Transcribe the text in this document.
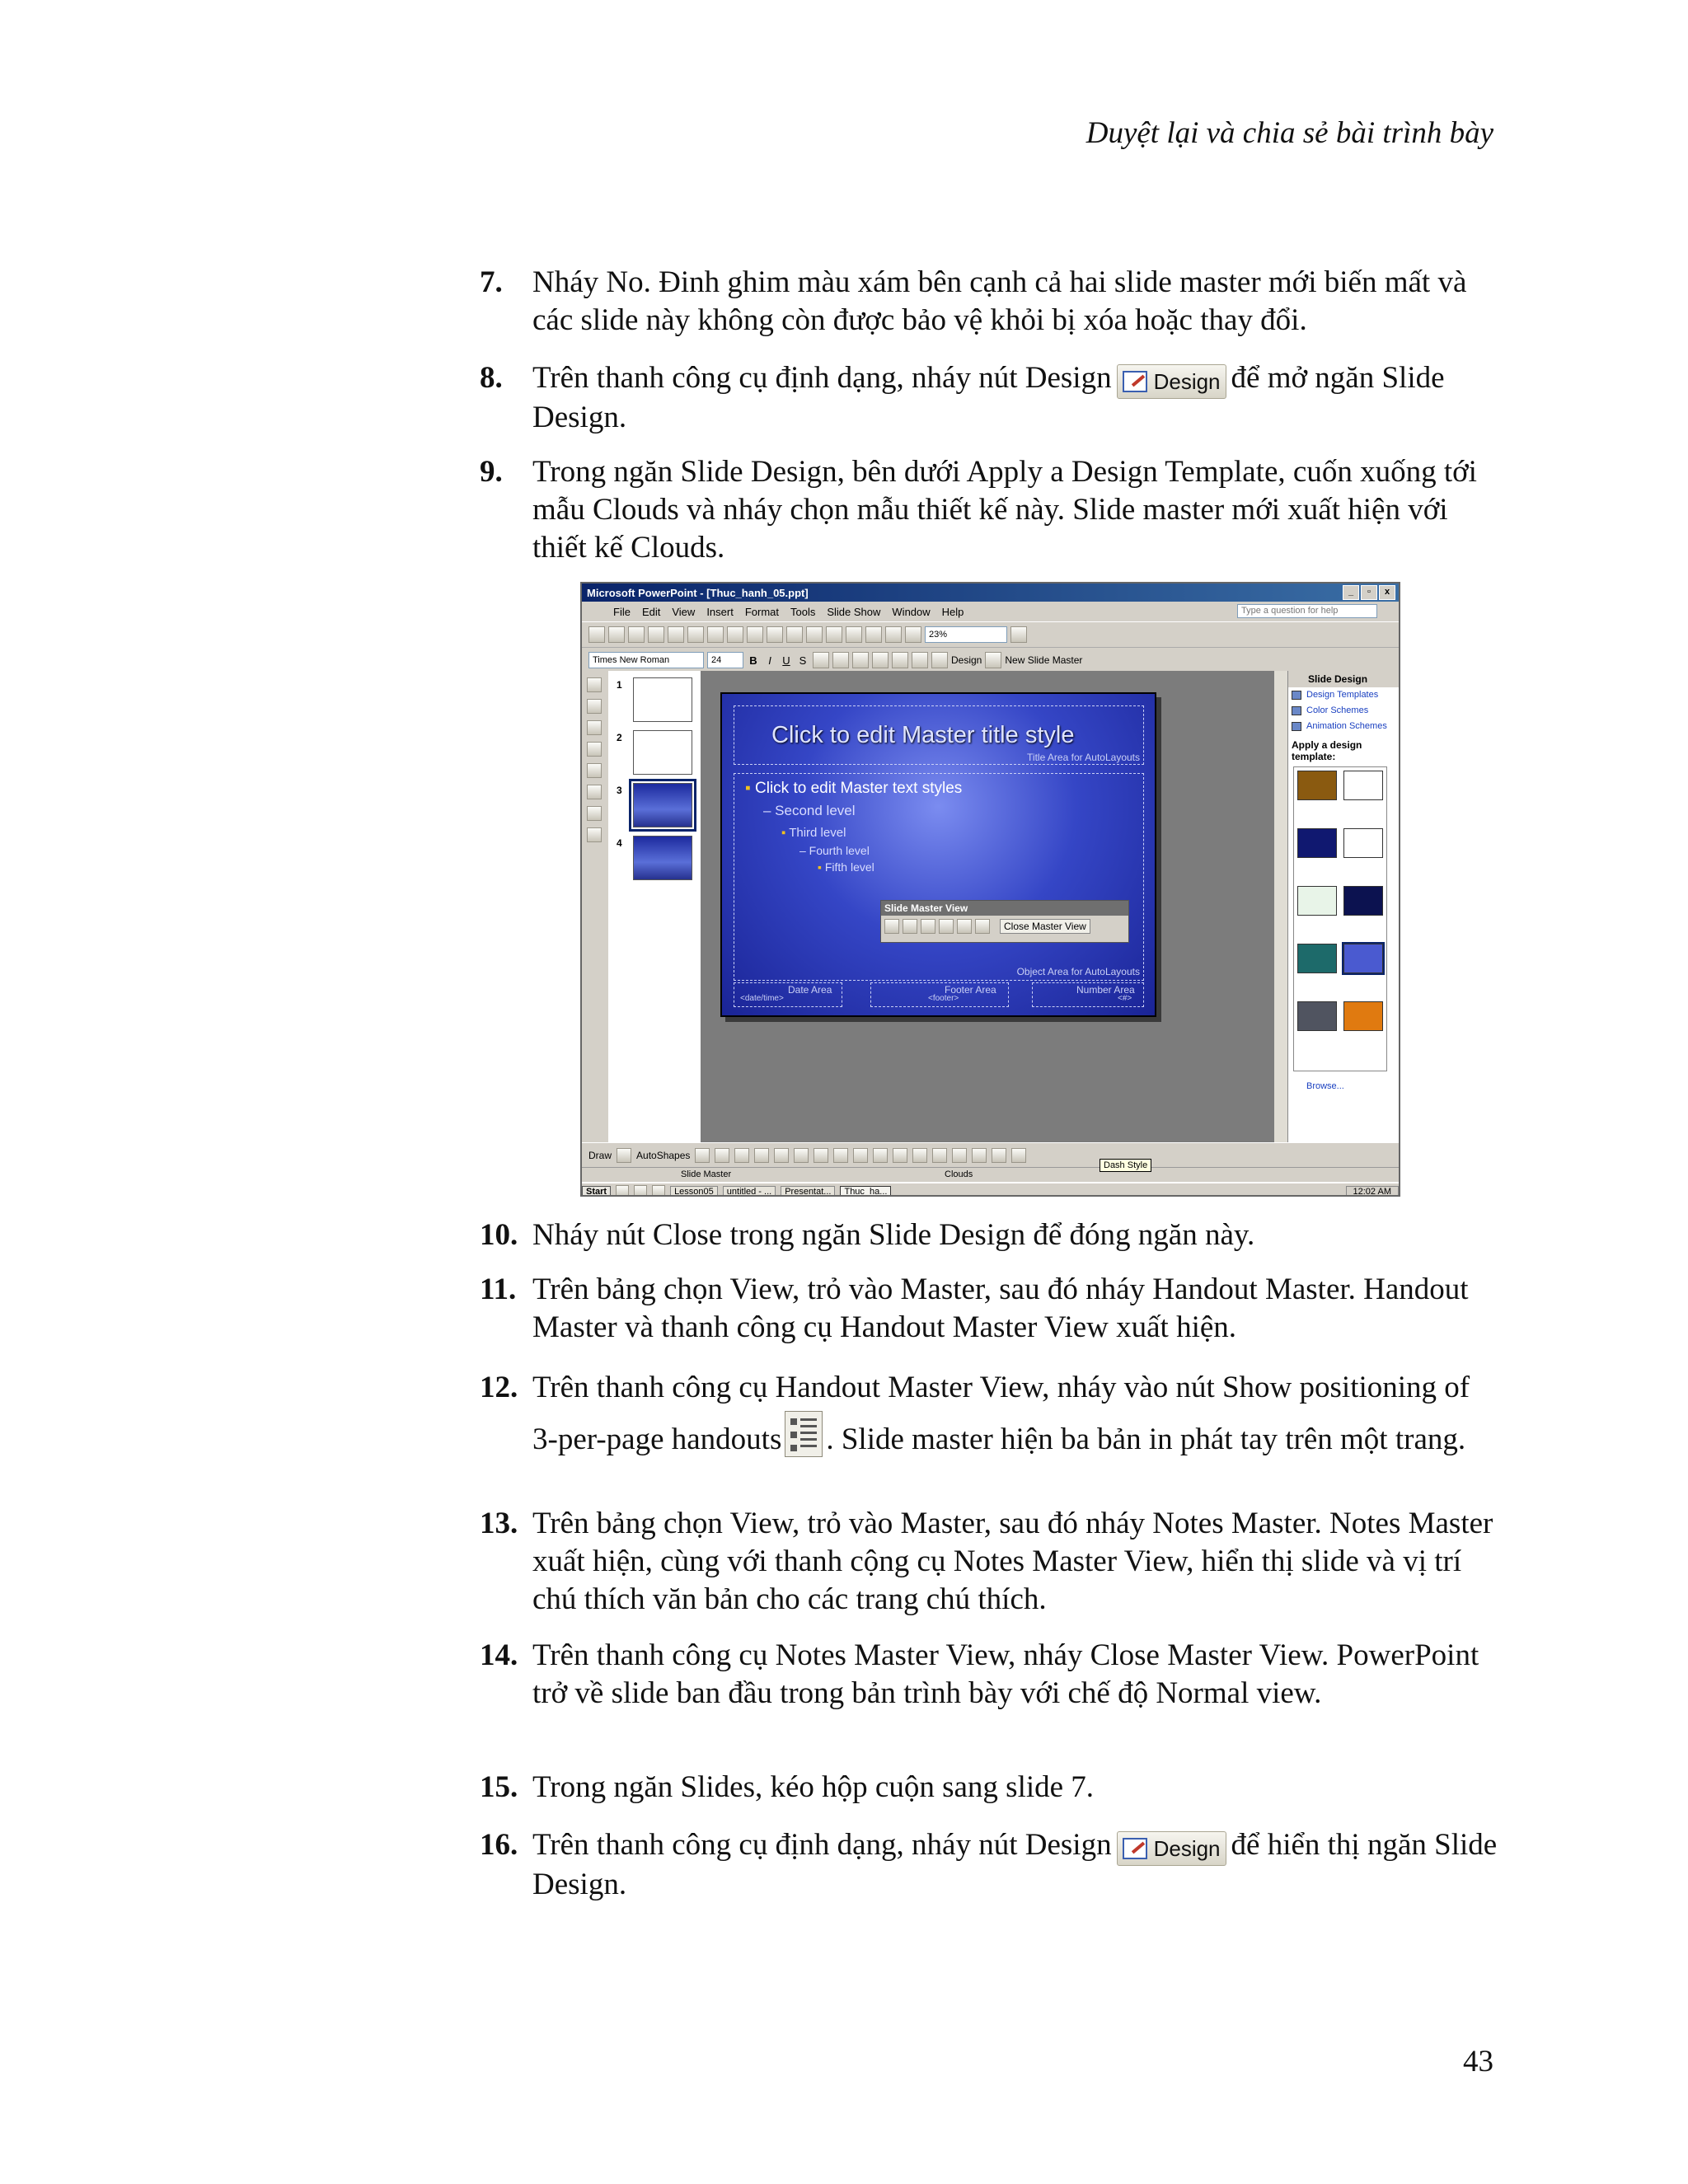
Duyệt lại và chia sẻ bài trình bày
7. Nháy No. Đinh ghim màu xám bên cạnh cả hai slide master mới biến mất và các slide này không còn được bảo vệ khỏi bị xóa hoặc thay đổi.
8. Trên thanh công cụ định dạng, nháy nút Design Design để mở ngăn Slide Design.
9. Trong ngăn Slide Design, bên dưới Apply a Design Template, cuốn xuống tới mẫu Clouds và nháy chọn mẫu thiết kế này. Slide master mới xuất hiện với thiết kế Clouds.
Microsoft PowerPoint - [Thuc_hanh_05.ppt]	_	▫	x
File Edit View Insert Format Tools Slide Show Window Help	Type a question for help
23%
Times New Roman	24	B	I	U S	Design New Slide Master
1
2
3
4
Click to edit Master title style
Title Area for AutoLayouts
▪ Click to edit Master text styles
– Second level
▪ Third level
– Fourth level
▪ Fifth level
Object Area for AutoLayouts
Date Area
<date/time>
Footer Area
<footer>
Number Area
<#>
Slide Master View
Close Master View
Slide Design
Design Templates
Color Schemes
Animation Schemes
Apply a design template:
Browse...
Draw	AutoShapes
Slide Master	Clouds
Dash Style
Start	Lesson05	untitled - ...	Presentat...	Thuc_ha...	12:02 AM
10. Nháy nút Close trong ngăn Slide Design để đóng ngăn này.
11. Trên bảng chọn View, trỏ vào Master, sau đó nháy Handout Master. Handout Master và thanh công cụ Handout Master View xuất hiện.
12. Trên thanh công cụ Handout Master View, nháy vào nút Show positioning of 3-per-page handouts . Slide master hiện ba bản in phát tay trên một trang.
13. Trên bảng chọn View, trỏ vào Master, sau đó nháy Notes Master. Notes Master xuất hiện, cùng với thanh cộng cụ Notes Master View, hiển thị slide và vị trí chú thích văn bản cho các trang chú thích.
14. Trên thanh công cụ Notes Master View, nháy Close Master View. PowerPoint trở về slide ban đầu trong bản trình bày với chế độ Normal view.
15. Trong ngăn Slides, kéo hộp cuộn sang slide 7.
16. Trên thanh công cụ định dạng, nháy nút Design Design để hiển thị ngăn Slide Design.
43
